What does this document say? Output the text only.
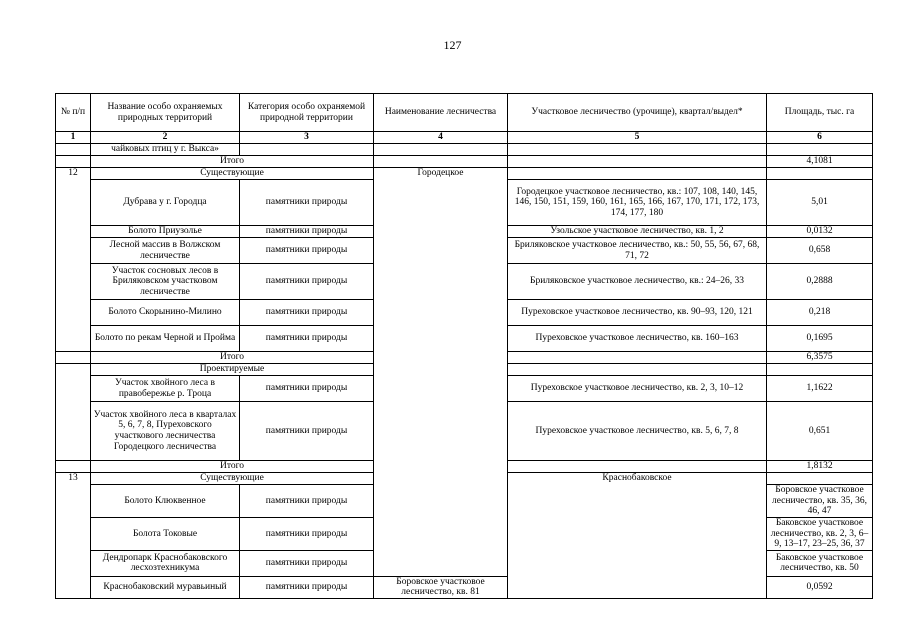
127
№ п/п	Название особо охраняемых природных территорий	Категория особо охраняемой природной территории	Наименование лесничества	Участковое лесничество (урочище), квартал/выдел*	Площадь, тыс. га	
1	2	3	4	5	6	
	чайковых птиц у г. Выкса»					
	Итого				4,1081	
12	Существующие		Городецкое			
	Дубрава у г. Городца	памятники природы		Городецкое участковое лесничество, кв.: 107, 108, 140, 145, 146, 150, 151, 159, 160, 161, 165, 166, 167, 170, 171, 172, 173, 174, 177, 180	5,01	
	Болото Приузолье	памятники природы		Узольское участковое лесничество, кв. 1, 2	0,0132	
	Лесной массив в Волжском лесничестве	памятники природы		Бриляковское участковое лесничество, кв.: 50, 55, 56, 67, 68, 71, 72	0,658	
	Участок сосновых лесов в Бриляковском участковом лесничестве	памятники природы		Бриляковское участковое лесничество, кв.: 24–26, 33	0,2888	
	Болото Скорынино-Милино	памятники природы		Пуреховское участковое лесничество, кв. 90–93, 120, 121	0,218	
	Болото по рекам Черной и Пройма	памятники природы		Пуреховское участковое лесничество, кв. 160–163	0,1695	
	Итого				6,3575	
	Проектируемые					
	Участок хвойного леса в правобережье р. Троца	памятники природы		Пуреховское участковое лесничество, кв. 2, 3, 10–12	1,1622	
	Участок хвойного леса в кварталах 5, 6, 7, 8, Пуреховского участкового лесничества Городецкого лесничества	памятники природы		Пуреховское участковое лесничество, кв. 5, 6, 7, 8	0,651	
	Итого				1,8132	
13	Существующие			Краснобаковское		
	Болото Клюквенное	памятники природы			Боровское участковое лесничество, кв. 35, 36, 46, 47	
	Болота Токовые	памятники природы			Баковское участковое лесничество, кв. 2, 3, 6–9, 13–17, 23–25, 36, 37	
	Дендропарк Краснобаковского лесхозтехникума	памятники природы			Баковское участковое лесничество, кв. 50	
	Краснобаковский муравьиный	памятники природы	Боровское участковое лесничество, кв. 81		0,0592	
